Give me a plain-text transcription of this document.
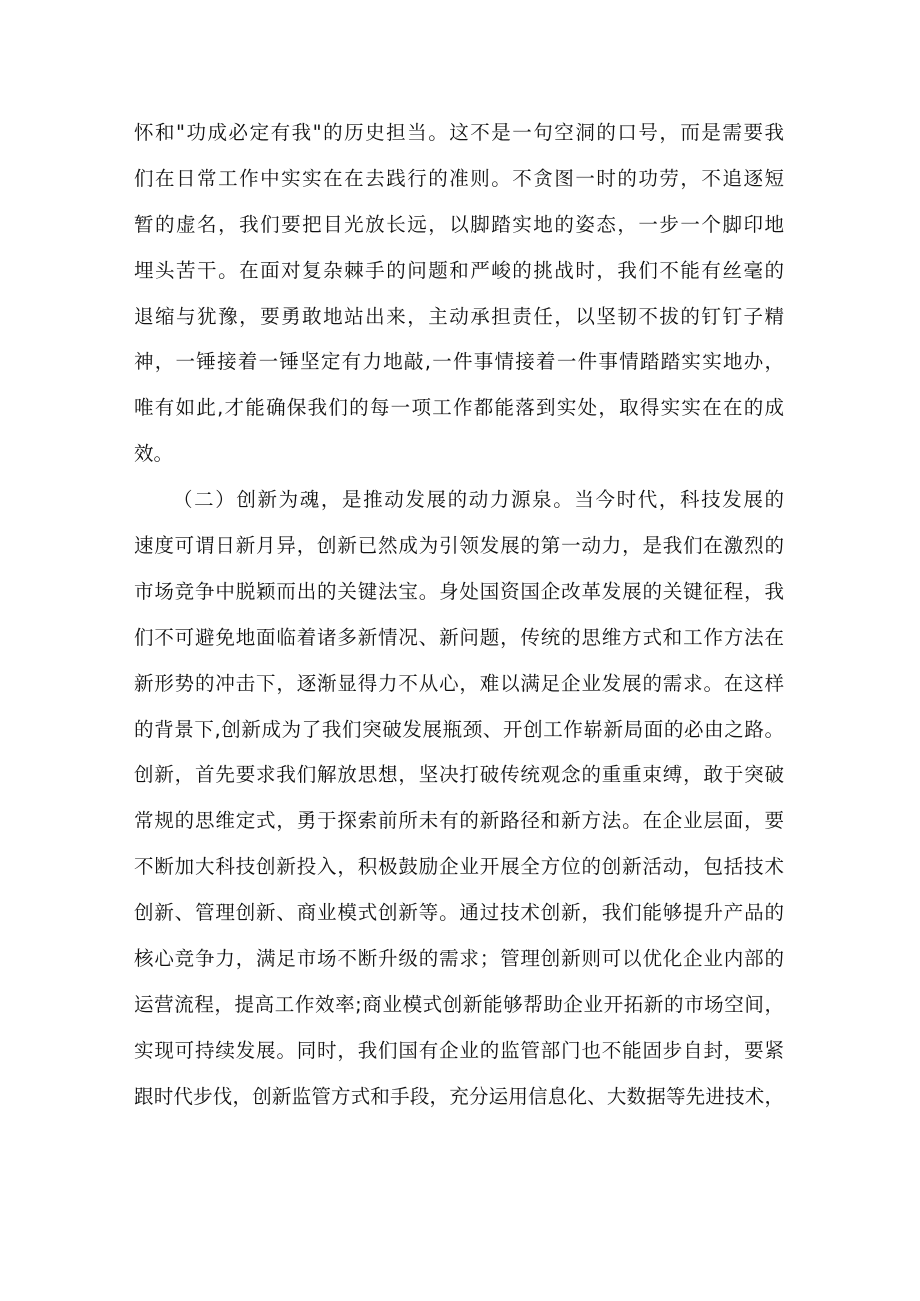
怀和"功成必定有我"的历史担当。这不是一句空洞的口号，而是需要我
们在日常工作中实实在在去践行的准则。不贪图一时的功劳，不追逐短
暂的虚名，我们要把目光放长远，以脚踏实地的姿态，一步一个脚印地
埋头苦干。在面对复杂棘手的问题和严峻的挑战时，我们不能有丝毫的
退缩与犹豫，要勇敢地站出来，主动承担责任，以坚韧不拔的钉钉子精
神，一锤接着一锤坚定有力地敲,一件事情接着一件事情踏踏实实地办，
唯有如此,才能确保我们的每一项工作都能落到实处，取得实实在在的成
效。
（二）创新为魂，是推动发展的动力源泉。当今时代，科技发展的
速度可谓日新月异，创新已然成为引领发展的第一动力，是我们在激烈的
市场竞争中脱颖而出的关键法宝。身处国资国企改革发展的关键征程，我
们不可避免地面临着诸多新情况、新问题，传统的思维方式和工作方法在
新形势的冲击下，逐渐显得力不从心，难以满足企业发展的需求。在这样
的背景下,创新成为了我们突破发展瓶颈、开创工作崭新局面的必由之路。
创新，首先要求我们解放思想，坚决打破传统观念的重重束缚，敢于突破
常规的思维定式，勇于探索前所未有的新路径和新方法。在企业层面，要
不断加大科技创新投入，积极鼓励企业开展全方位的创新活动，包括技术
创新、管理创新、商业模式创新等。通过技术创新，我们能够提升产品的
核心竞争力，满足市场不断升级的需求；管理创新则可以优化企业内部的
运营流程，提高工作效率;商业模式创新能够帮助企业开拓新的市场空间，
实现可持续发展。同时，我们国有企业的监管部门也不能固步自封，要紧
跟时代步伐，创新监管方式和手段，充分运用信息化、大数据等先进技术，
